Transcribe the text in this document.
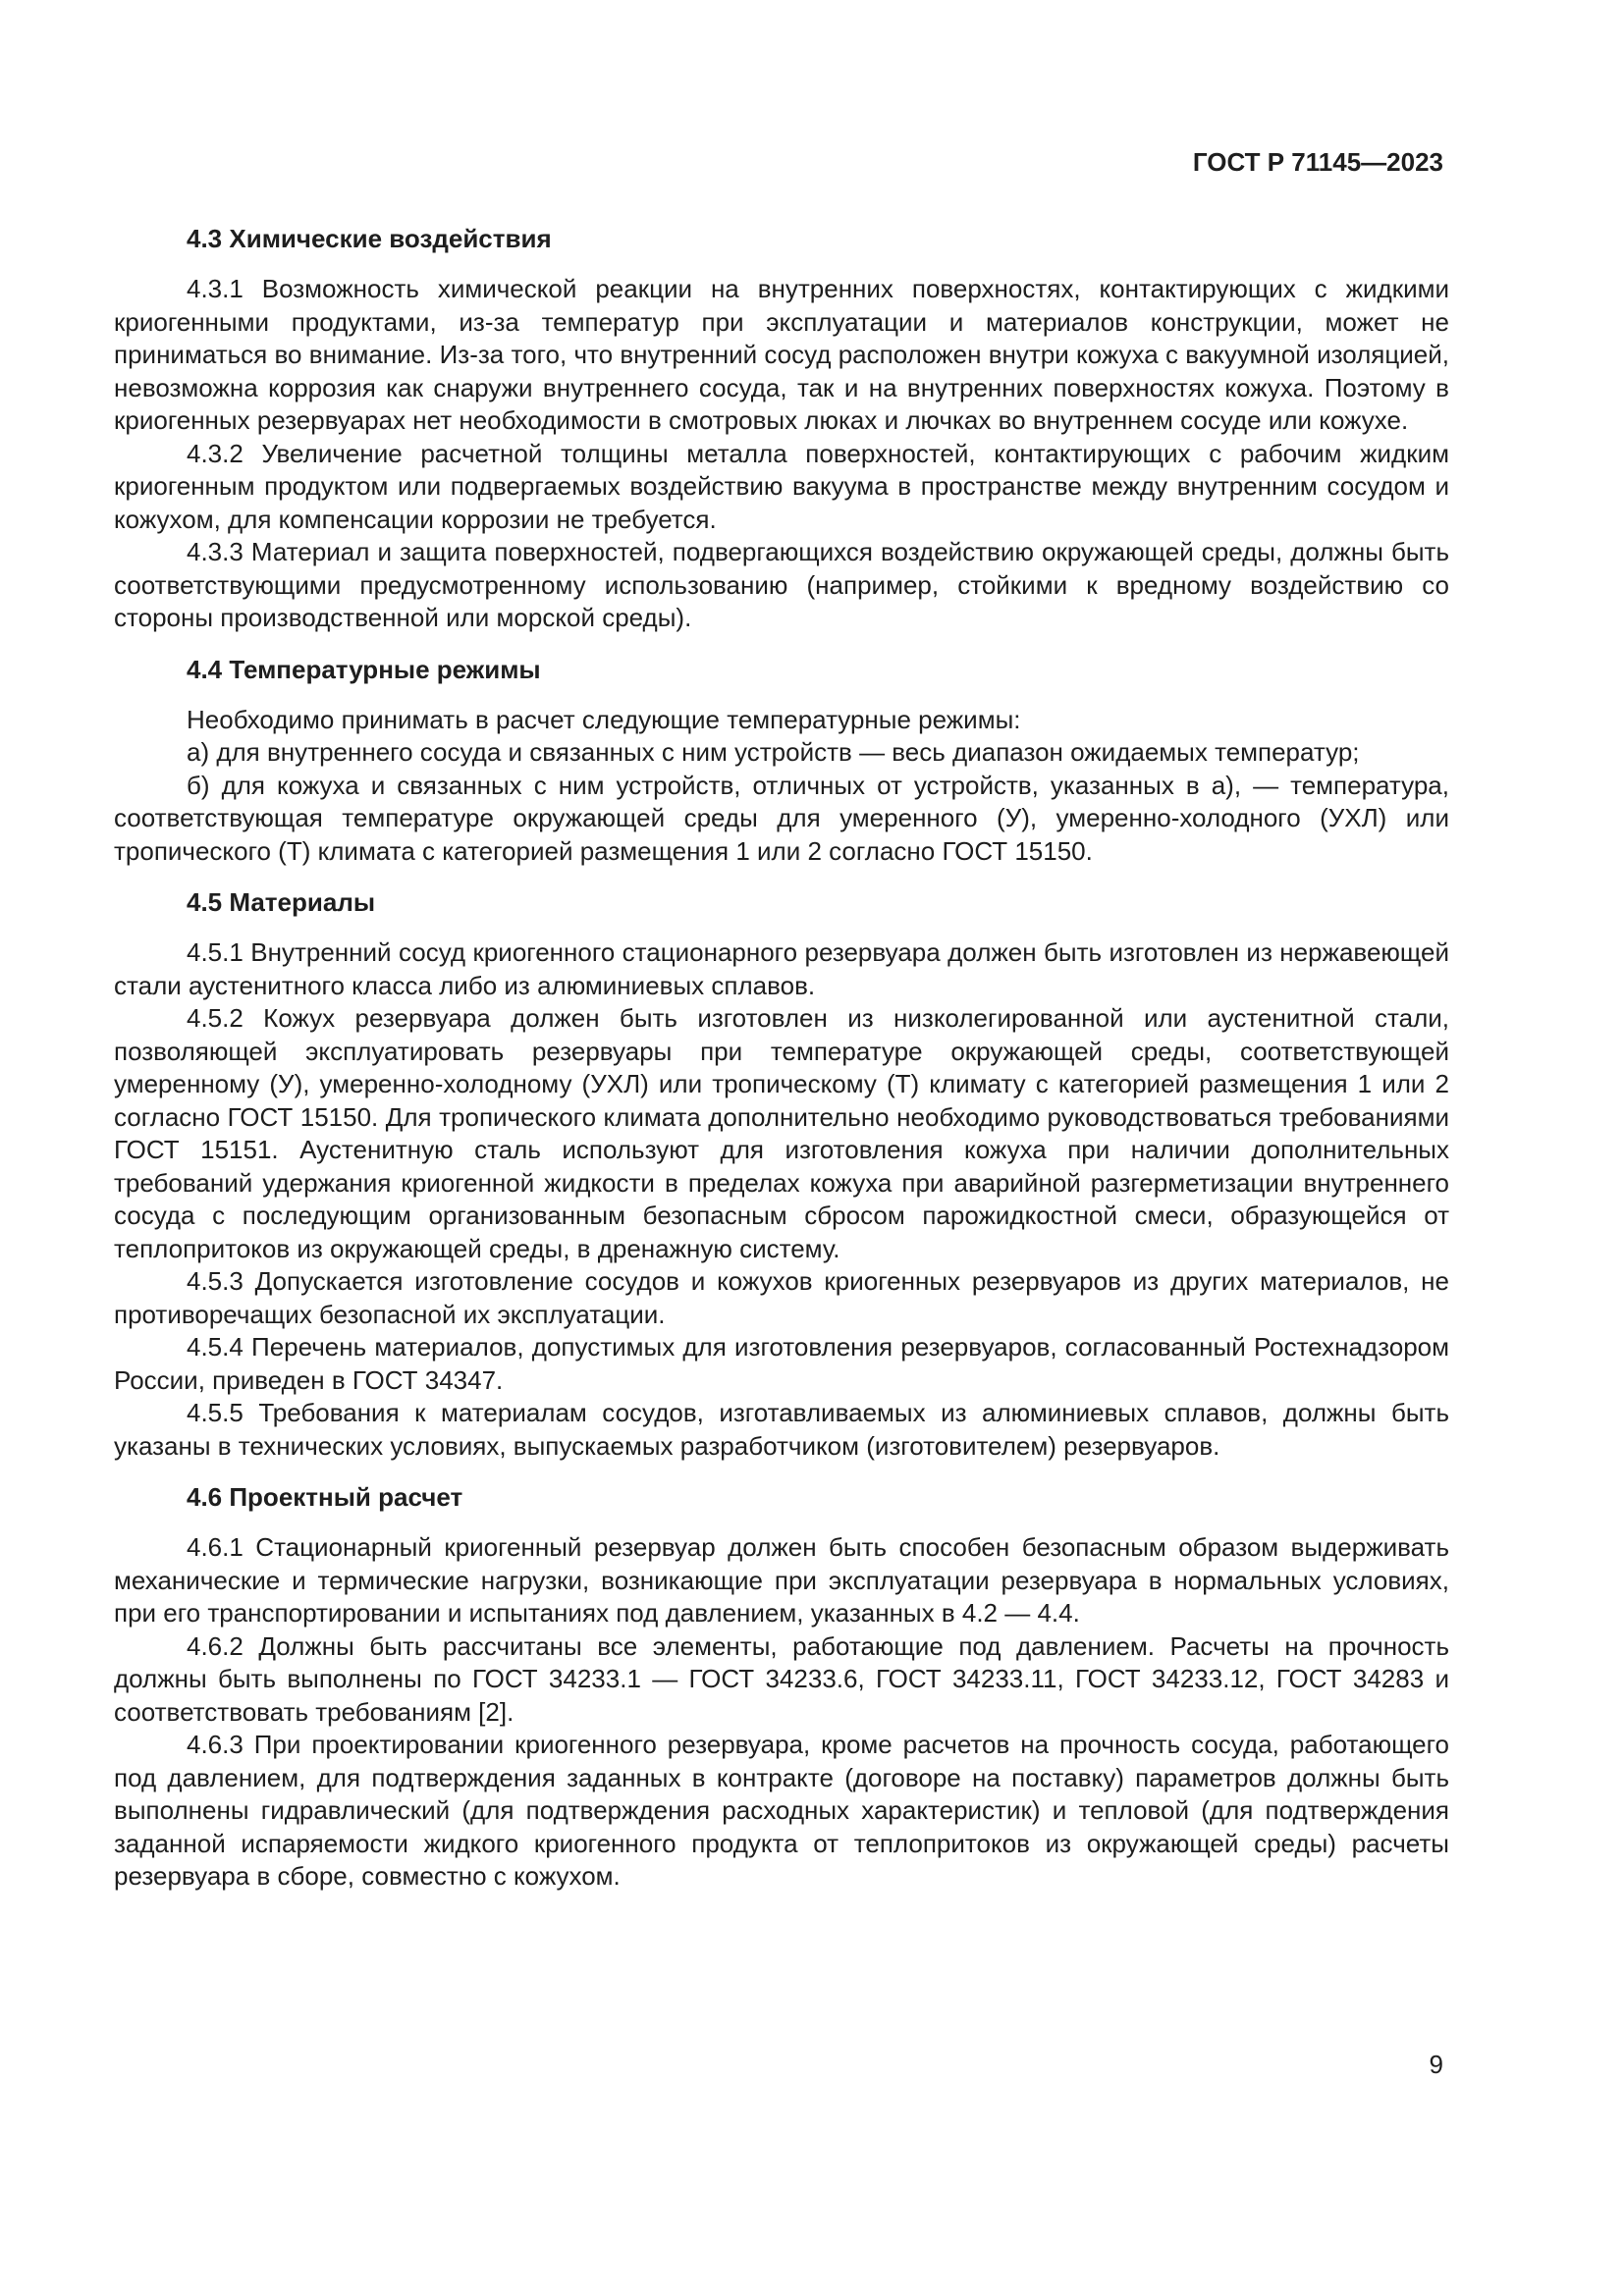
ГОСТ Р 71145—2023
4.3 Химические воздействия

4.3.1 Возможность химической реакции на внутренних поверхностях, контактирующих с жидкими криогенными продуктами, из-за температур при эксплуатации и материалов конструкции, может не приниматься во внимание. Из-за того, что внутренний сосуд расположен внутри кожуха с вакуумной изоляцией, невозможна коррозия как снаружи внутреннего сосуда, так и на внутренних поверхностях кожуха. Поэтому в криогенных резервуарах нет необходимости в смотровых люках и лючках во внутреннем сосуде или кожухе.

4.3.2 Увеличение расчетной толщины металла поверхностей, контактирующих с рабочим жидким криогенным продуктом или подвергаемых воздействию вакуума в пространстве между внутренним сосудом и кожухом, для компенсации коррозии не требуется.

4.3.3 Материал и защита поверхностей, подвергающихся воздействию окружающей среды, должны быть соответствующими предусмотренному использованию (например, стойкими к вредному воздействию со стороны производственной или морской среды).

4.4 Температурные режимы

Необходимо принимать в расчет следующие температурные режимы:

а) для внутреннего сосуда и связанных с ним устройств — весь диапазон ожидаемых температур;

б) для кожуха и связанных с ним устройств, отличных от устройств, указанных в а), — температура, соответствующая температуре окружающей среды для умеренного (У), умеренно-холодного (УХЛ) или тропического (Т) климата с категорией размещения 1 или 2 согласно ГОСТ 15150.

4.5 Материалы

4.5.1 Внутренний сосуд криогенного стационарного резервуара должен быть изготовлен из нержавеющей стали аустенитного класса либо из алюминиевых сплавов.

4.5.2 Кожух резервуара должен быть изготовлен из низколегированной или аустенитной стали, позволяющей эксплуатировать резервуары при температуре окружающей среды, соответствующей умеренному (У), умеренно-холодному (УХЛ) или тропическому (Т) климату с категорией размещения 1 или 2 согласно ГОСТ 15150. Для тропического климата дополнительно необходимо руководствоваться требованиями ГОСТ 15151. Аустенитную сталь используют для изготовления кожуха при наличии дополнительных требований удержания криогенной жидкости в пределах кожуха при аварийной разгерметизации внутреннего сосуда с последующим организованным безопасным сбросом парожидкостной смеси, образующейся от теплопритоков из окружающей среды, в дренажную систему.

4.5.3 Допускается изготовление сосудов и кожухов криогенных резервуаров из других материалов, не противоречащих безопасной их эксплуатации.

4.5.4 Перечень материалов, допустимых для изготовления резервуаров, согласованный Ростехнадзором России, приведен в ГОСТ 34347.

4.5.5 Требования к материалам сосудов, изготавливаемых из алюминиевых сплавов, должны быть указаны в технических условиях, выпускаемых разработчиком (изготовителем) резервуаров.

4.6 Проектный расчет

4.6.1 Стационарный криогенный резервуар должен быть способен безопасным образом выдерживать механические и термические нагрузки, возникающие при эксплуатации резервуара в нормальных условиях, при его транспортировании и испытаниях под давлением, указанных в 4.2 — 4.4.

4.6.2 Должны быть рассчитаны все элементы, работающие под давлением. Расчеты на прочность должны быть выполнены по ГОСТ 34233.1 — ГОСТ 34233.6, ГОСТ 34233.11, ГОСТ 34233.12, ГОСТ 34283 и соответствовать требованиям [2].

4.6.3 При проектировании криогенного резервуара, кроме расчетов на прочность сосуда, работающего под давлением, для подтверждения заданных в контракте (договоре на поставку) параметров должны быть выполнены гидравлический (для подтверждения расходных характеристик) и тепловой (для подтверждения заданной испаряемости жидкого криогенного продукта от теплопритоков из окружающей среды) расчеты резервуара в сборе, совместно с кожухом.

9
